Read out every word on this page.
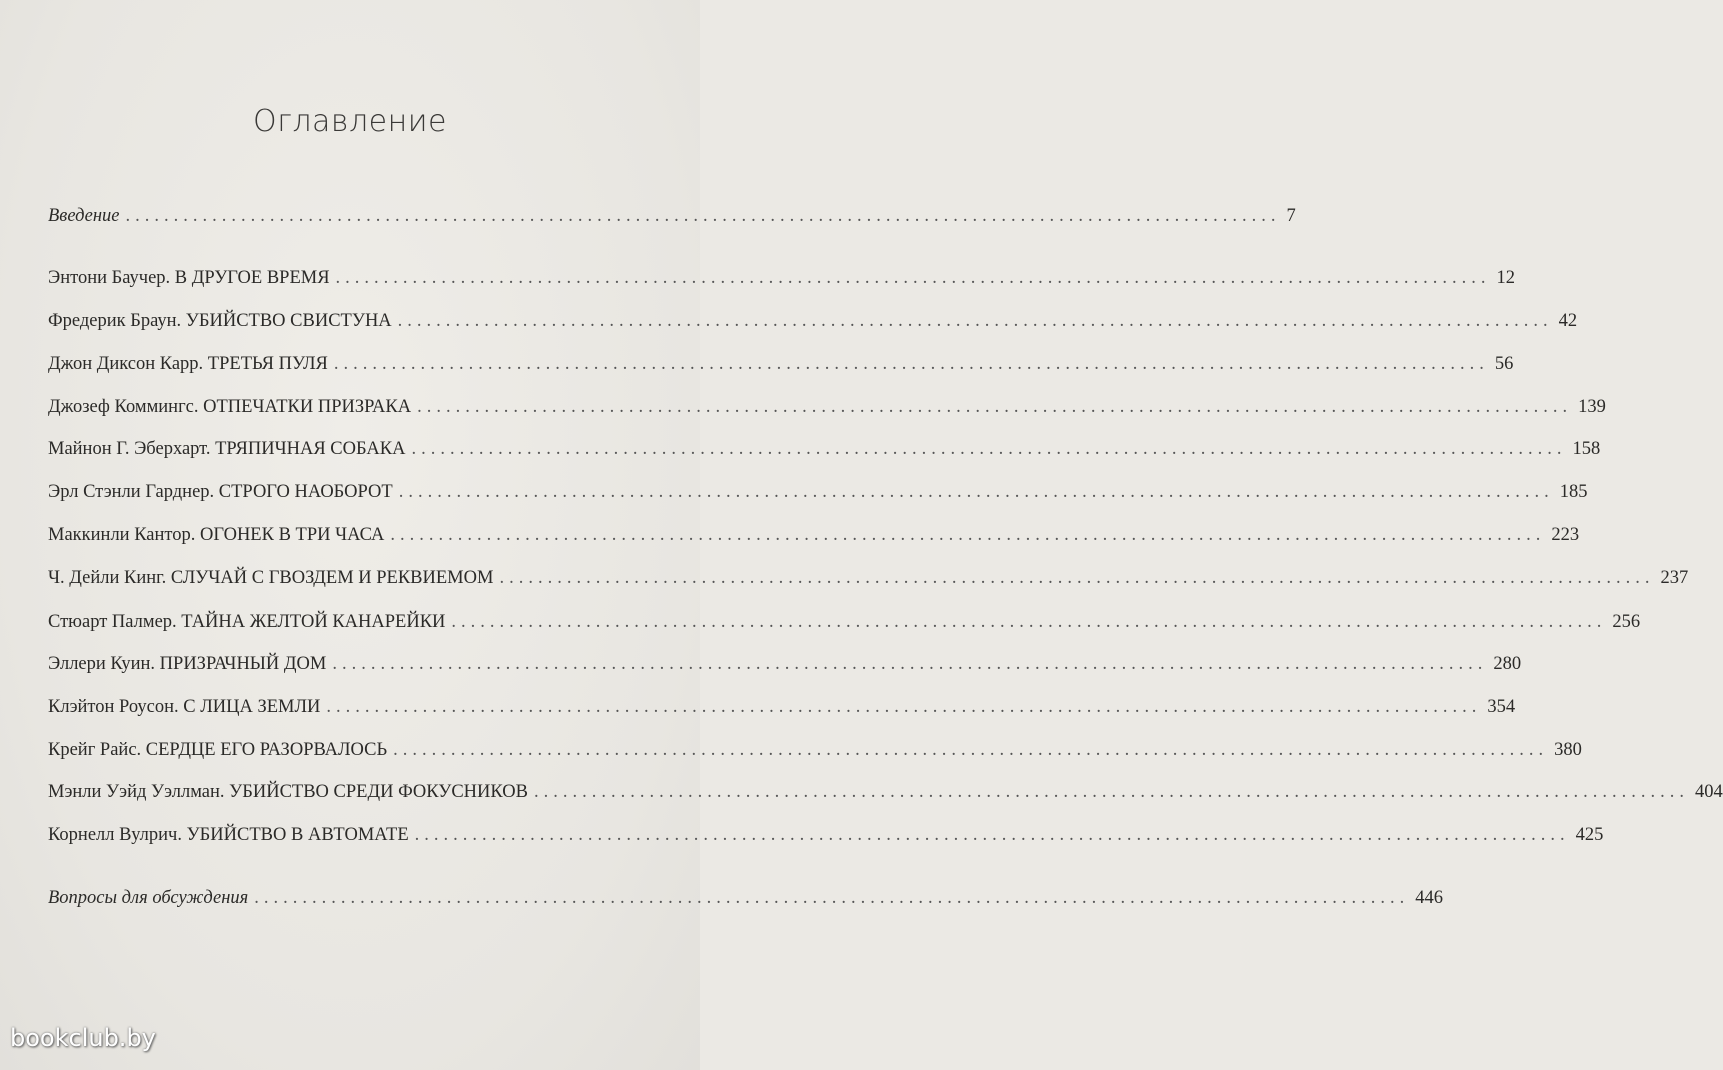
Оглавление
Введение ........................................................................................................................ 7
Энтони Баучер. В ДРУГОЕ ВРЕМЯ ........................................................................................................................ 12
Фредерик Браун. УБИЙСТВО СВИСТУНА ........................................................................................................................ 42
Джон Диксон Карр. ТРЕТЬЯ ПУЛЯ ........................................................................................................................ 56
Джозеф Коммингс. ОТПЕЧАТКИ ПРИЗРАКА ........................................................................................................................ 139
Майнон Г. Эберхарт. ТРЯПИЧНАЯ СОБАКА ........................................................................................................................ 158
Эрл Стэнли Гарднер. СТРОГО НАОБОРОТ ........................................................................................................................ 185
Маккинли Кантор. ОГОНЕК В ТРИ ЧАСА ........................................................................................................................ 223
Ч. Дейли Кинг. СЛУЧАЙ С ГВОЗДЕМ И РЕКВИЕМОМ ........................................................................................................................ 237
Стюарт Палмер. ТАЙНА ЖЕЛТОЙ КАНАРЕЙКИ ........................................................................................................................ 256
Эллери Куин. ПРИЗРАЧНЫЙ ДОМ ........................................................................................................................ 280
Клэйтон Роусон. С ЛИЦА ЗЕМЛИ ........................................................................................................................ 354
Крейг Райс. СЕРДЦЕ ЕГО РАЗОРВАЛОСЬ ........................................................................................................................ 380
Мэнли Уэйд Уэллман. УБИЙСТВО СРЕДИ ФОКУСНИКОВ ........................................................................................................................ 404
Корнелл Вулрич. УБИЙСТВО В АВТОМАТЕ ........................................................................................................................ 425
Вопросы для обсуждения ........................................................................................................................ 446
bookclub.by
